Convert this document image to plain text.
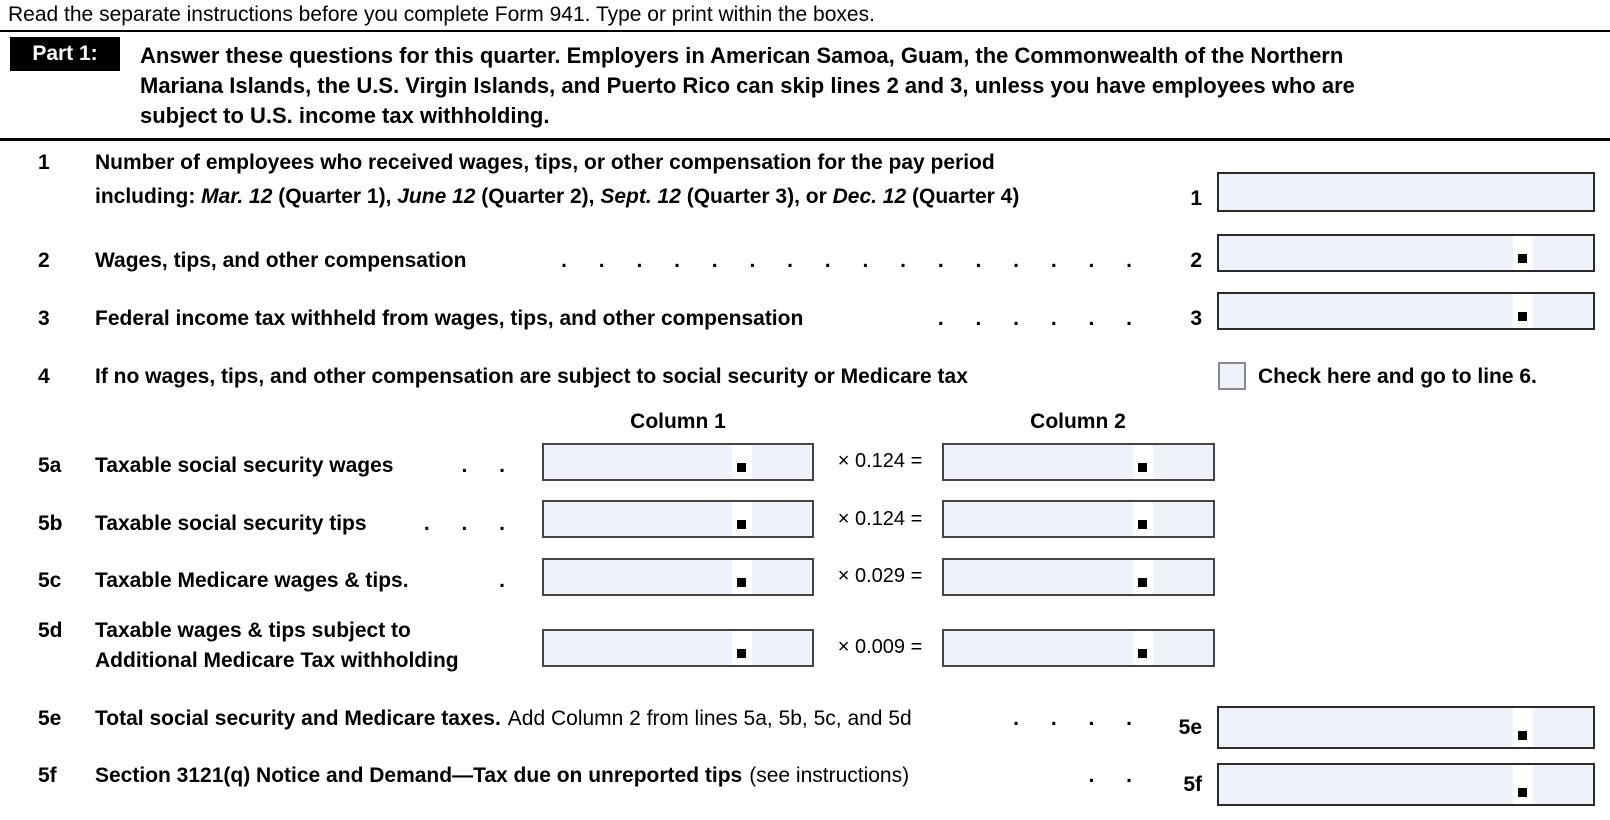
Read the separate instructions before you complete Form 941. Type or print within the boxes.
Part 1:	Answer these questions for this quarter. Employers in American Samoa, Guam, the Commonwealth of the Northern
Mariana Islands, the U.S. Virgin Islands, and Puerto Rico can skip lines 2 and 3, unless you have employees who are
subject to U.S. income tax withholding.
1 Number of employees who received wages, tips, or other compensation for the pay period
including: Mar. 12 (Quarter 1), June 12 (Quarter 2), Sept. 12 (Quarter 3), or Dec. 12 (Quarter 4)	1
2 Wages, tips, and other compensation	. . . . . . . . . . . . . . . .	2
3 Federal income tax withheld from wages, tips, and other compensation	. . . . . .	3
4 If no wages, tips, and other compensation are subject to social security or Medicare tax	Check here and go to line 6.
Column 1	Column 2
5a Taxable social security wages	. .	× 0.124 =
5b Taxable social security tips	. . .	× 0.124 =
5c Taxable Medicare wages & tips.	.	× 0.029 =
5d Taxable wages & tips subject to
Additional Medicare Tax withholding
× 0.009 =
5e Total social security and Medicare taxes. Add Column 2 from lines 5a, 5b, 5c, and 5d	. . . .	5e
5f Section 3121(q) Notice and Demand—Tax due on unreported tips (see instructions)	. .	5f
